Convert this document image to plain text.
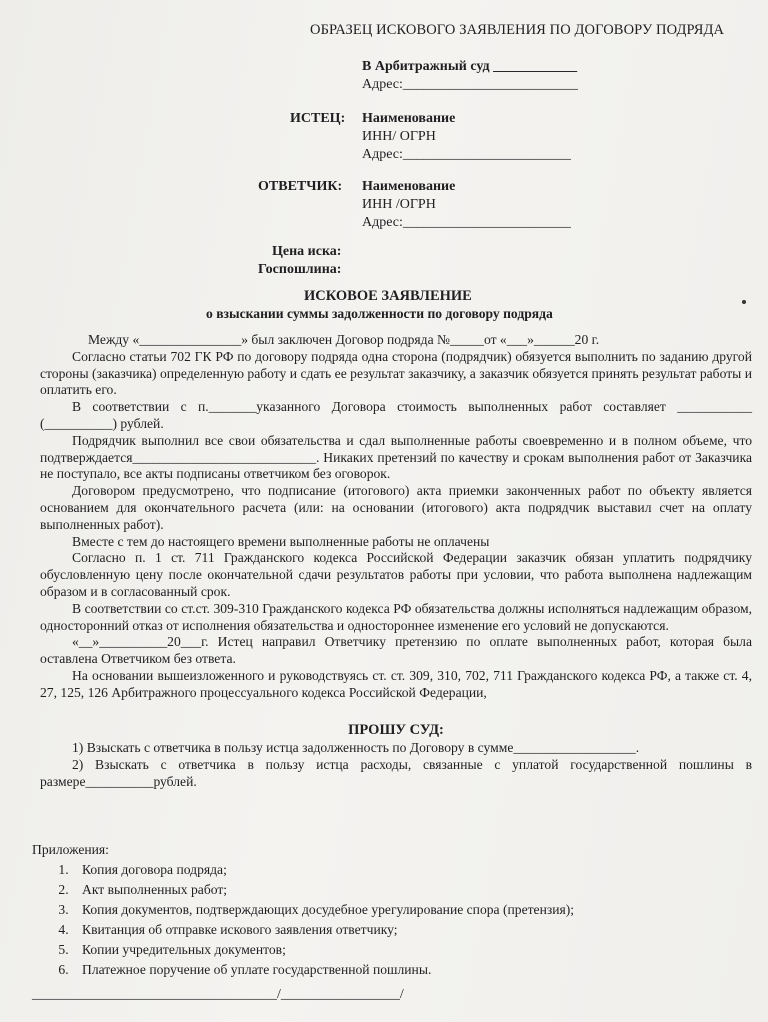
ОБРАЗЕЦ ИСКОВОГО ЗАЯВЛЕНИЯ ПО ДОГОВОРУ ПОДРЯДА
В Арбитражный суд ____________
Адрес:_________________________
ИСТЕЦ: Наименование
ИНН/ ОГРН
Адрес:________________________
ОТВЕТЧИК: Наименование
ИНН /ОГРН
Адрес:________________________
Цена иска:
Госпошлина:
ИСКОВОЕ ЗАЯВЛЕНИЕ
о взыскании суммы задолженности по договору подряда

Между «_______________» был заключен Договор подряда №_____от «___»______20 г.

Согласно статьи 702 ГК РФ по договору подряда одна сторона (подрядчик) обязуется выполнить по заданию другой стороны (заказчика) определенную работу и сдать ее результат заказчику, а заказчик обязуется принять результат работы и оплатить его.

В соответствии с п._______указанного Договора стоимость выполненных работ составляет ___________ (__________) рублей.

Подрядчик выполнил все свои обязательства и сдал выполненные работы своевременно и в полном объеме, что подтверждается___________________________. Никаких претензий по качеству и срокам выполнения работ от Заказчика не поступало, все акты подписаны ответчиком без оговорок.

Договором предусмотрено, что подписание (итогового) акта приемки законченных работ по объекту является основанием для окончательного расчета (или: на основании (итогового) акта подрядчик выставил счет на оплату выполненных работ).

Вместе с тем до настоящего времени выполненные работы не оплачены

Согласно п. 1 ст. 711 Гражданского кодекса Российской Федерации заказчик обязан уплатить подрядчику обусловленную цену после окончательной сдачи результатов работы при условии, что работа выполнена надлежащим образом и в согласованный срок.

В соответствии со ст.ст. 309-310 Гражданского кодекса РФ обязательства должны исполняться надлежащим образом, односторонний отказ от исполнения обязательства и одностороннее изменение его условий не допускаются.

«__»__________20___г. Истец направил Ответчику претензию по оплате выполненных работ, которая была оставлена Ответчиком без ответа.

На основании вышеизложенного и руководствуясь ст. ст. 309, 310, 702, 711 Гражданского кодекса РФ, а также ст. 4, 27, 125, 126 Арбитражного процессуального кодекса Российской Федерации,

ПРОШУ СУД:

1) Взыскать с ответчика в пользу истца задолженность по Договору в сумме__________________.

2) Взыскать с ответчика в пользу истца расходы, связанные с уплатой государственной пошлины в размере__________рублей.

Приложения:
1. Копия договора подряда;
2. Акт выполненных работ;
3. Копия документов, подтверждающих досудебное урегулирование спора (претензия);
4. Квитанция об отправке искового заявления ответчику;
5. Копии учредительных документов;
6. Платежное поручение об уплате государственной пошлины.
___________________________________/_________________/
